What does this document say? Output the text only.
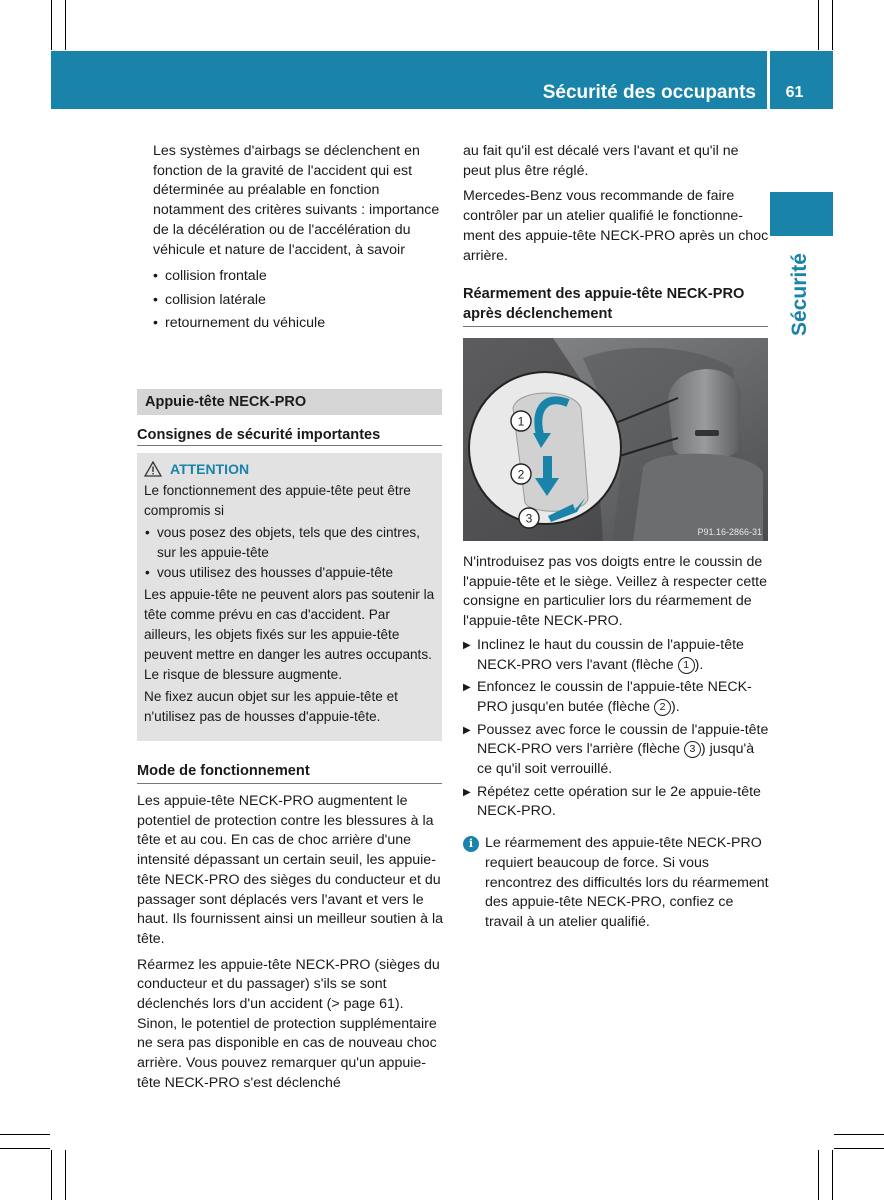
Sécurité des occupants	61
Sécurité

Les systèmes d'airbags se déclenchent en fonction de la gravité de l'accident qui est déterminée au préalable en fonction notamment des critères suivants : importance de la décélération ou de l'accélération du véhicule et nature de l'accident, à savoir

• collision frontale
• collision latérale
• retournement du véhicule
Appuie-tête NECK-PRO
Consignes de sécurité importantes
ATTENTION

Le fonctionnement des appuie-tête peut être compromis si

• vous posez des objets, tels que des cintres, sur les appuie-tête
• vous utilisez des housses d'appuie-tête

Les appuie-tête ne peuvent alors pas soutenir la tête comme prévu en cas d'accident. Par ailleurs, les objets fixés sur les appuie-tête peuvent mettre en danger les autres occupants. Le risque de blessure augmente.

Ne fixez aucun objet sur les appuie-tête et n'utilisez pas de housses d'appuie-tête.

Mode de fonctionnement

Les appuie-tête NECK-PRO augmentent le potentiel de protection contre les blessures à la tête et au cou. En cas de choc arrière d'une intensité dépassant un certain seuil, les appuie-tête NECK-PRO des sièges du conducteur et du passager sont déplacés vers l'avant et vers le haut. Ils fournissent ainsi un meilleur soutien à la tête.

Réarmez les appuie-tête NECK-PRO (sièges du conducteur et du passager) s'ils se sont déclenchés lors d'un accident (> page 61). Sinon, le potentiel de protection supplémentaire ne sera pas disponible en cas de nouveau choc arrière. Vous pouvez remarquer qu'un appuie-tête NECK-PRO s'est déclenché

au fait qu'il est décalé vers l'avant et qu'il ne peut plus être réglé.

Mercedes-Benz vous recommande de faire contrôler par un atelier qualifié le fonctionnement des appuie-tête NECK-PRO après un choc arrière.

Réarmement des appuie-tête NECK-PRO après déclenchement
1
2
3
P91.16-2866-31

N'introduisez pas vos doigts entre le coussin de l'appuie-tête et le siège. Veillez à respecter cette consigne en particulier lors du réarmement de l'appuie-tête NECK-PRO.

▶ Inclinez le haut du coussin de l'appuie-tête NECK-PRO vers l'avant (flèche 1 ).
▶ Enfoncez le coussin de l'appuie-tête NECK-PRO jusqu'en butée (flèche 2 ).
▶ Poussez avec force le coussin de l'appuie-tête NECK-PRO vers l'arrière (flèche 3 ) jusqu'à ce qu'il soit verrouillé.
▶ Répétez cette opération sur le 2e appuie-tête NECK-PRO.
i Le réarmement des appuie-tête NECK-PRO requiert beaucoup de force. Si vous rencontrez des difficultés lors du réarmement des appuie-tête NECK-PRO, confiez ce travail à un atelier qualifié.
